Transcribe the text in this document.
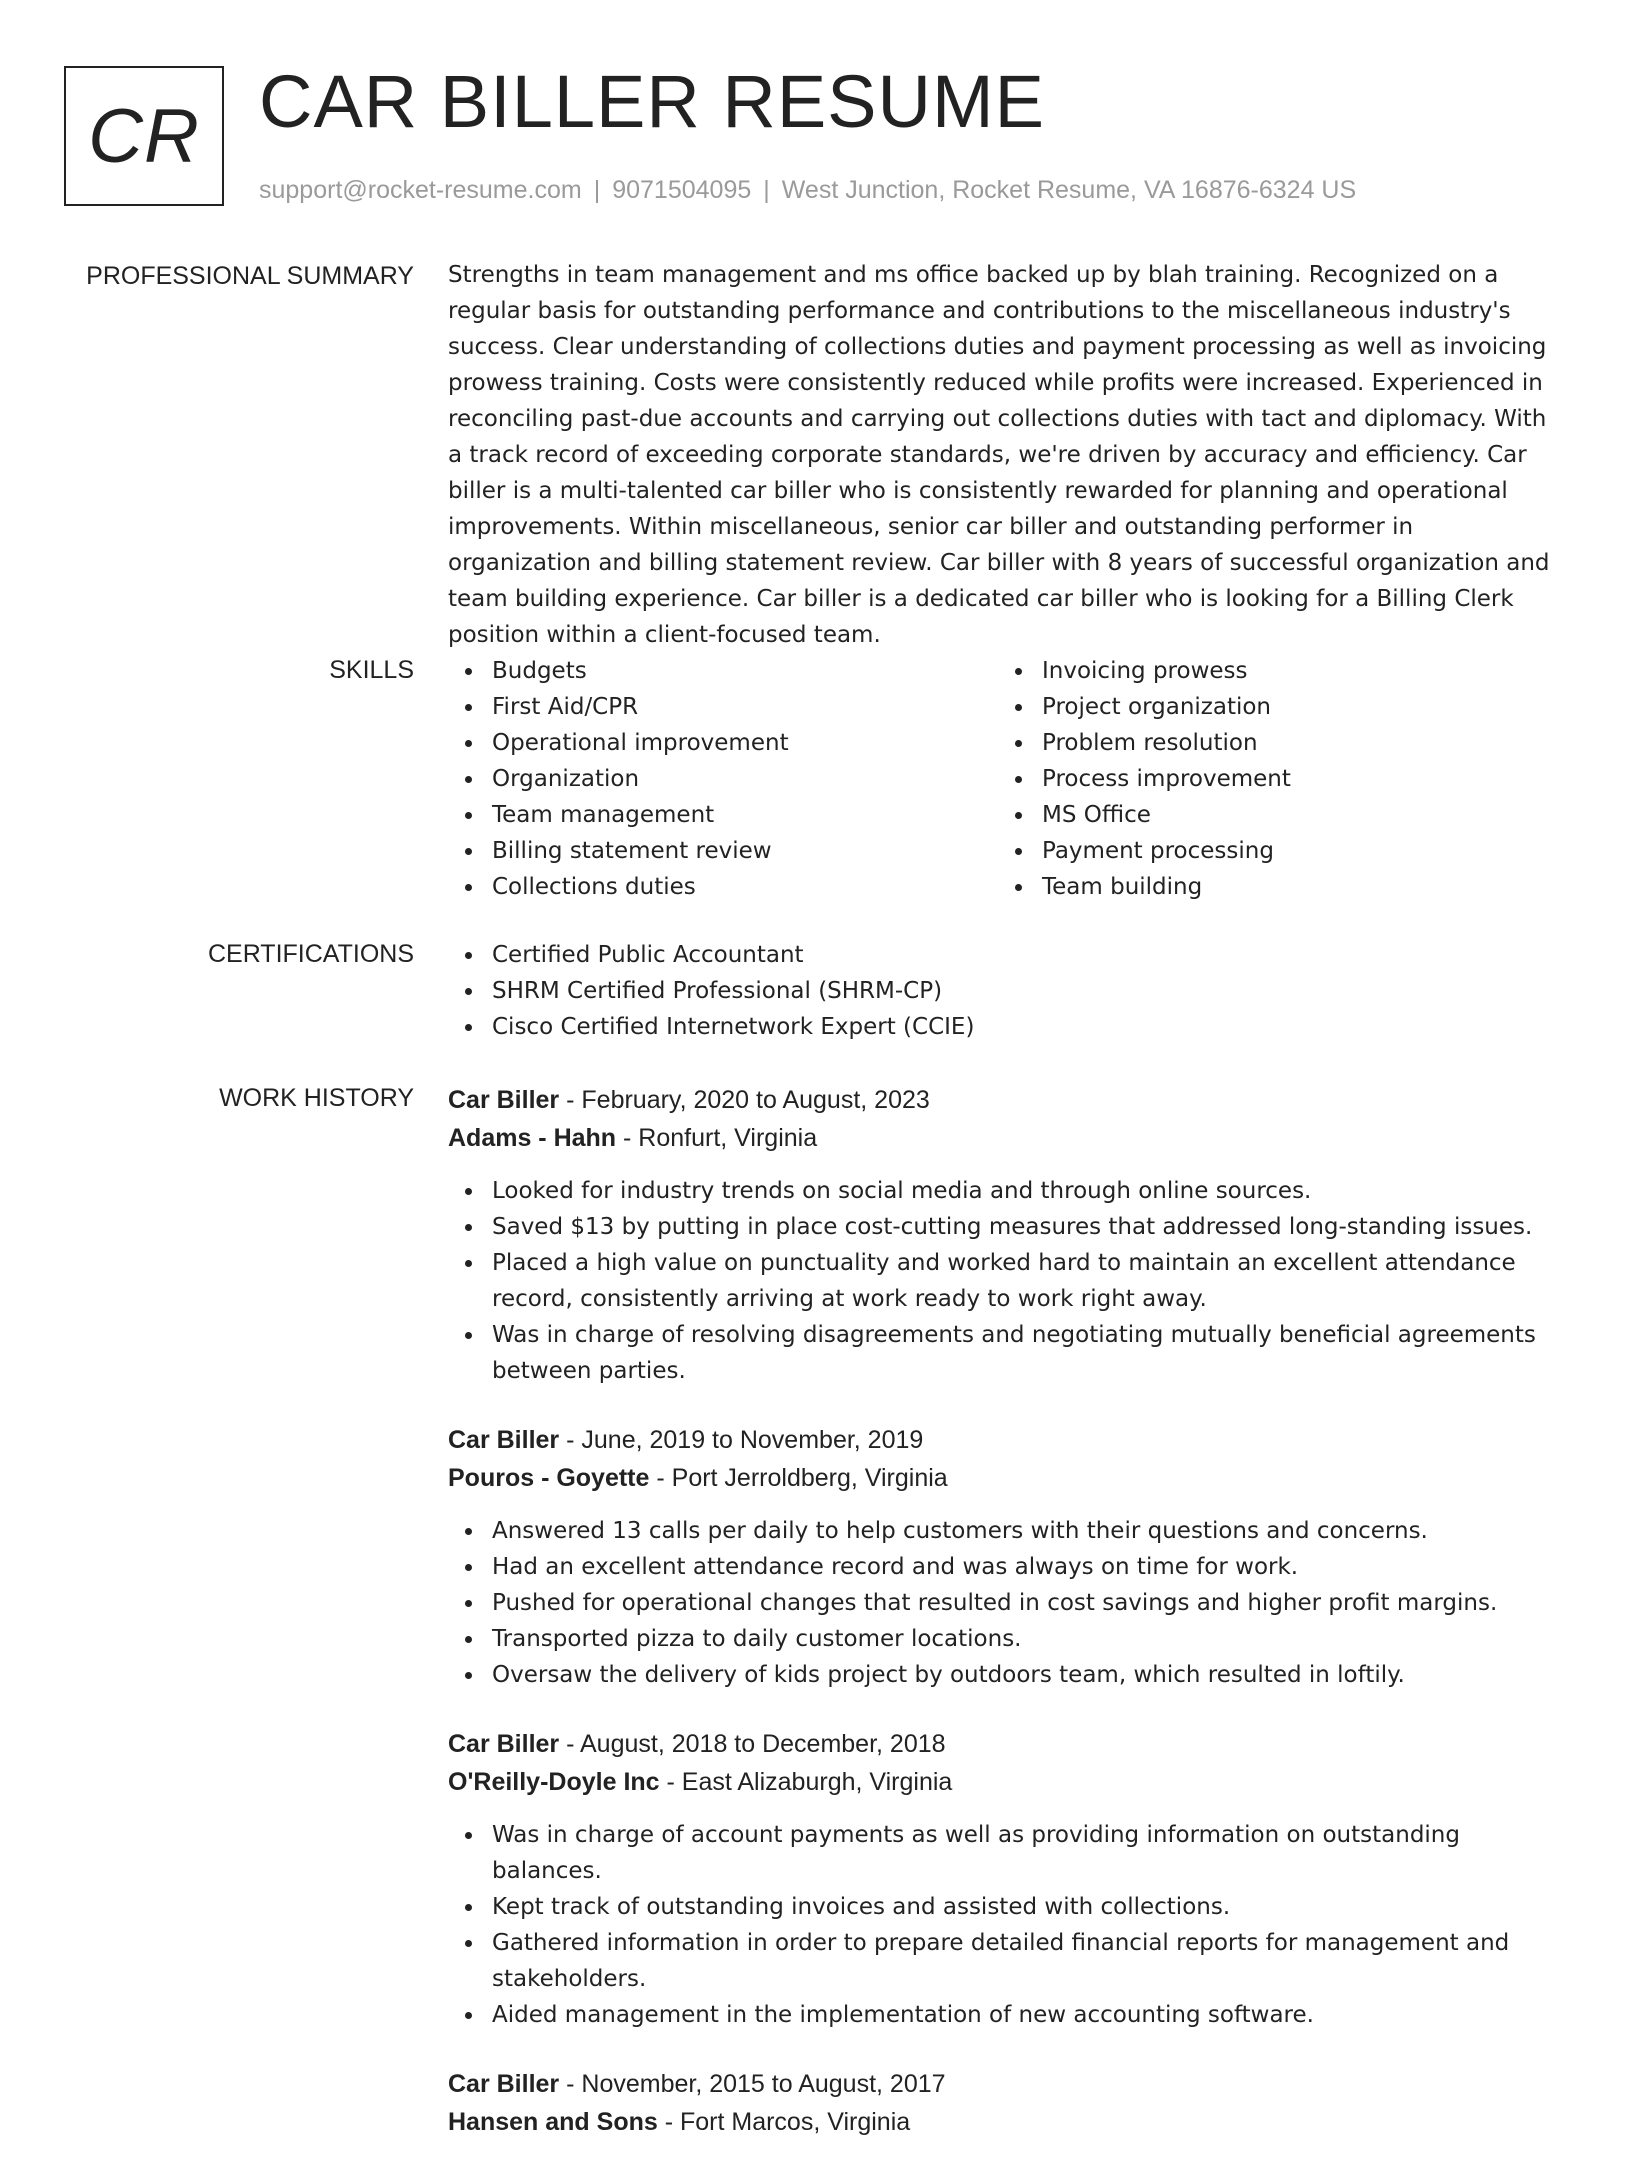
CR CAR BILLER RESUME
support@rocket-resume.com | 9071504095 | West Junction, Rocket Resume, VA 16876-6324 US
PROFESSIONAL SUMMARY Strengths in team management and ms office backed up by blah training. Recognized on a regular basis for outstanding performance and contributions to the miscellaneous industry's success. Clear understanding of collections duties and payment processing as well as invoicing prowess training. Costs were consistently reduced while profits were increased. Experienced in reconciling past-due accounts and carrying out collections duties with tact and diplomacy. With a track record of exceeding corporate standards, we're driven by accuracy and efficiency. Car biller is a multi-talented car biller who is consistently rewarded for planning and operational improvements. Within miscellaneous, senior car biller and outstanding performer in organization and billing statement review. Car biller with 8 years of successful organization and team building experience. Car biller is a dedicated car biller who is looking for a Billing Clerk position within a client-focused team.

SKILLS	Budgets
First Aid/CPR
Operational improvement
Organization
Team management
Billing statement review
Collections duties
Invoicing prowess
Project organization
Problem resolution
Process improvement
MS Office
Payment processing
Team building
CERTIFICATIONS	Certified Public Accountant
SHRM Certified Professional (SHRM-CP)
Cisco Certified Internetwork Expert (CCIE)
WORK HISTORY Car Biller - February, 2020 to August, 2023
Adams - Hahn - Ronfurt, Virginia
Looked for industry trends on social media and through online sources.
Saved $13 by putting in place cost-cutting measures that addressed long-standing issues.
Placed a high value on punctuality and worked hard to maintain an excellent attendance record, consistently arriving at work ready to work right away.
Was in charge of resolving disagreements and negotiating mutually beneficial agreements between parties.
Car Biller - June, 2019 to November, 2019
Pouros - Goyette - Port Jerroldberg, Virginia
Answered 13 calls per daily to help customers with their questions and concerns.
Had an excellent attendance record and was always on time for work.
Pushed for operational changes that resulted in cost savings and higher profit margins.
Transported pizza to daily customer locations.
Oversaw the delivery of kids project by outdoors team, which resulted in loftily.
Car Biller - August, 2018 to December, 2018
O'Reilly-Doyle Inc - East Alizaburgh, Virginia
Was in charge of account payments as well as providing information on outstanding balances.
Kept track of outstanding invoices and assisted with collections.
Gathered information in order to prepare detailed financial reports for management and stakeholders.
Aided management in the implementation of new accounting software.
Car Biller - November, 2015 to August, 2017
Hansen and Sons - Fort Marcos, Virginia
